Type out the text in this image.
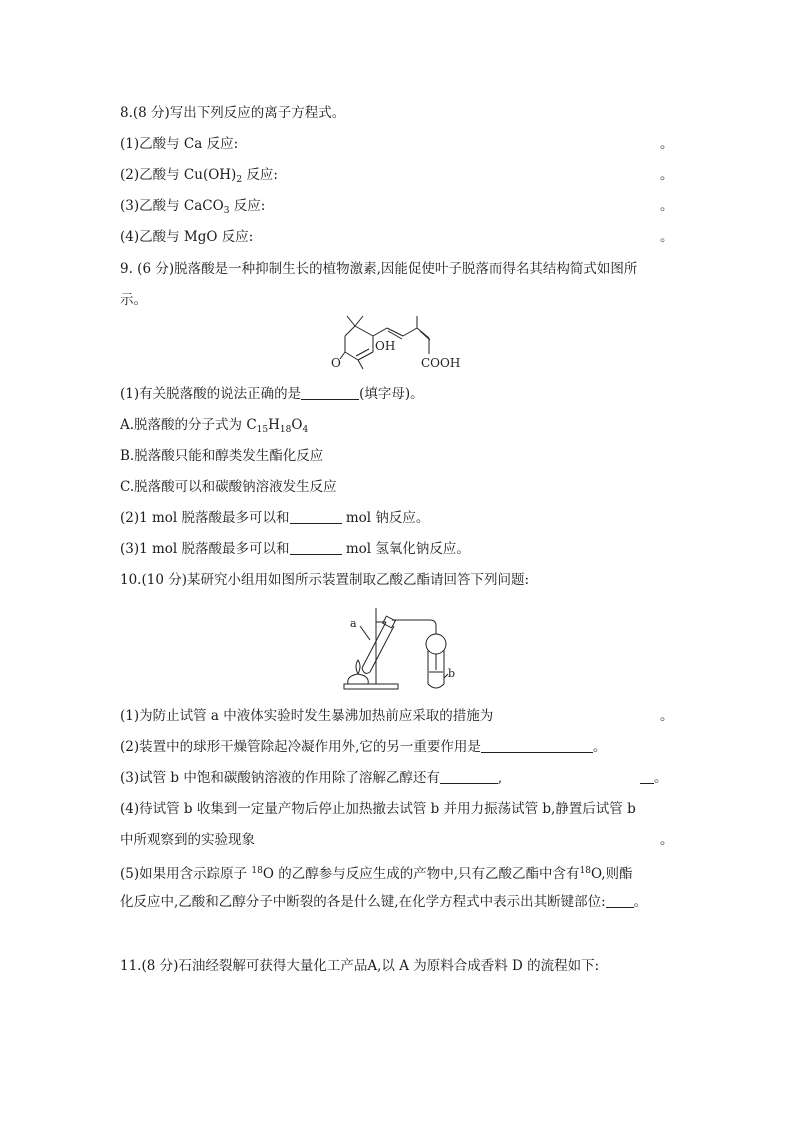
8.(8 分)写出下列反应的离子方程式。
(1)乙酸与 Ca 反应:	。
(2)乙酸与 $Cu(OH)_2$ 反应:	。
(3)乙酸与 CaCO$_3$ 反应:	。
(4)乙酸与 MgO 反应:	。
9. (6 分)脱落酸是一种抑制生长的植物激素,因能促使叶子脱落而得名其结构简式如图所
示。
OH
COOH
O
(1)有关脱落酸的说法正确的是	(填字母)。
A.脱落酸的分子式为 $C_{15}H_{18}O_4$
B.脱落酸只能和醇类发生酯化反应
C.脱落酸可以和碳酸钠溶液发生反应
(2)1 mol 脱落酸最多可以和	mol 钠反应。
(3)1 mol 脱落酸最多可以和	mol 氢氧化钠反应。
10.(10 分)某研究小组用如图所示装置制取乙酸乙酯请回答下列问题:
a
b
(1)为防止试管 a 中液体实验时发生暴沸加热前应采取的措施为	。
(2)装置中的球形干燥管除起冷凝作用外,它的另一重要作用是	。
(3)试管 b 中饱和碳酸钠溶液的作用除了溶解乙醇还有	,	。
(4)待试管 b 收集到一定量产物后停止加热撤去试管 b 并用力振荡试管 b,静置后试管 b
中所观察到的实验现象	。
(5)如果用含示踪原子 $^{18}$O 的乙醇参与反应生成的产物中,只有乙酸乙酯中含有$^{18}$O,则酯
化反应中,乙酸和乙醇分子中断裂的各是什么键,在化学方程式中表示出其断键部位: 。
11.(8 分)石油经裂解可获得大量化工产品A,以 A 为原料合成香料 D 的流程如下:
